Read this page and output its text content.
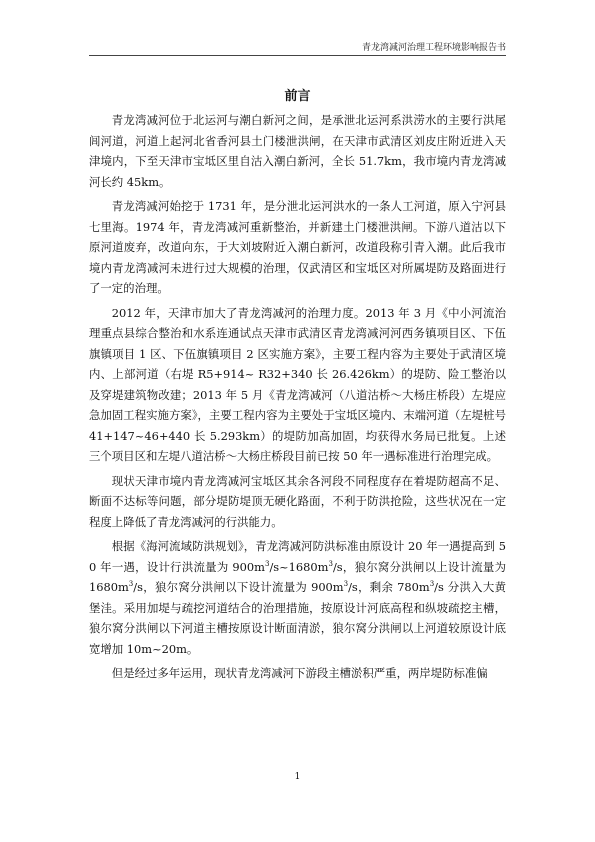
青龙湾减河治理工程环境影响报告书
前言

青龙湾减河位于北运河与潮白新河之间，是承泄北运河系洪涝水的主要行洪尾闾河道，河道上起河北省香河县土门楼泄洪闸，在天津市武清区刘皮庄附近进入天津境内，下至天津市宝坻区里自沽入潮白新河，全长 51.7km，我市境内青龙湾减河长约 45km。

青龙湾减河始挖于 1731 年，是分泄北运河洪水的一条人工河道，原入宁河县七里海。1974 年，青龙湾减河重新整治，并新建土门楼泄洪闸。下游八道沽以下原河道废弃，改道向东，于大刘坡附近入潮白新河，改道段称引青入潮。此后我市境内青龙湾减河未进行过大规模的治理，仅武清区和宝坻区对所属堤防及路面进行了一定的治理。

2012 年，天津市加大了青龙湾减河的治理力度。2013 年 3 月《中小河流治理重点县综合整治和水系连通试点天津市武清区青龙湾减河河西务镇项目区、下伍旗镇项目 1 区、下伍旗镇项目 2 区实施方案》，主要工程内容为主要处于武清区境内、上部河道（右堤 R5+914~ R32+340 长 26.426km）的堤防、险工整治以及穿堤建筑物改建；2013 年 5 月《青龙湾减河（八道沽桥～大杨庄桥段）左堤应急加固工程实施方案》，主要工程内容为主要处于宝坻区境内、末端河道（左堤桩号 41+147~46+440 长 5.293km）的堤防加高加固，均获得水务局已批复。上述三个项目区和左堤八道沽桥～大杨庄桥段目前已按 50 年一遇标准进行治理完成。

现状天津市境内青龙湾减河宝坻区其余各河段不同程度存在着堤防超高不足、断面不达标等问题，部分堤防堤顶无硬化路面，不利于防洪抢险，这些状况在一定程度上降低了青龙湾减河的行洪能力。

根据《海河流域防洪规划》，青龙湾减河防洪标准由原设计 20 年一遇提高到 50 年一遇，设计行洪流量为 $900m^3/s\sim 1680m^3/s$，狼尔窝分洪闸以上设计流量为 $1680m^3/s$，狼尔窝分洪闸以下设计流量为 $900m^3/s$，剩余 $780m^3/s$ 分洪入大黄堡洼。采用加堤与疏挖河道结合的治理措施，按原设计河底高程和纵坡疏挖主槽，狼尔窝分洪闸以下河道主槽按原设计断面清淤，狼尔窝分洪闸以上河道较原设计底宽增加 10m~20m。

但是经过多年运用，现状青龙湾减河下游段主槽淤积严重，两岸堤防标准偏

1
